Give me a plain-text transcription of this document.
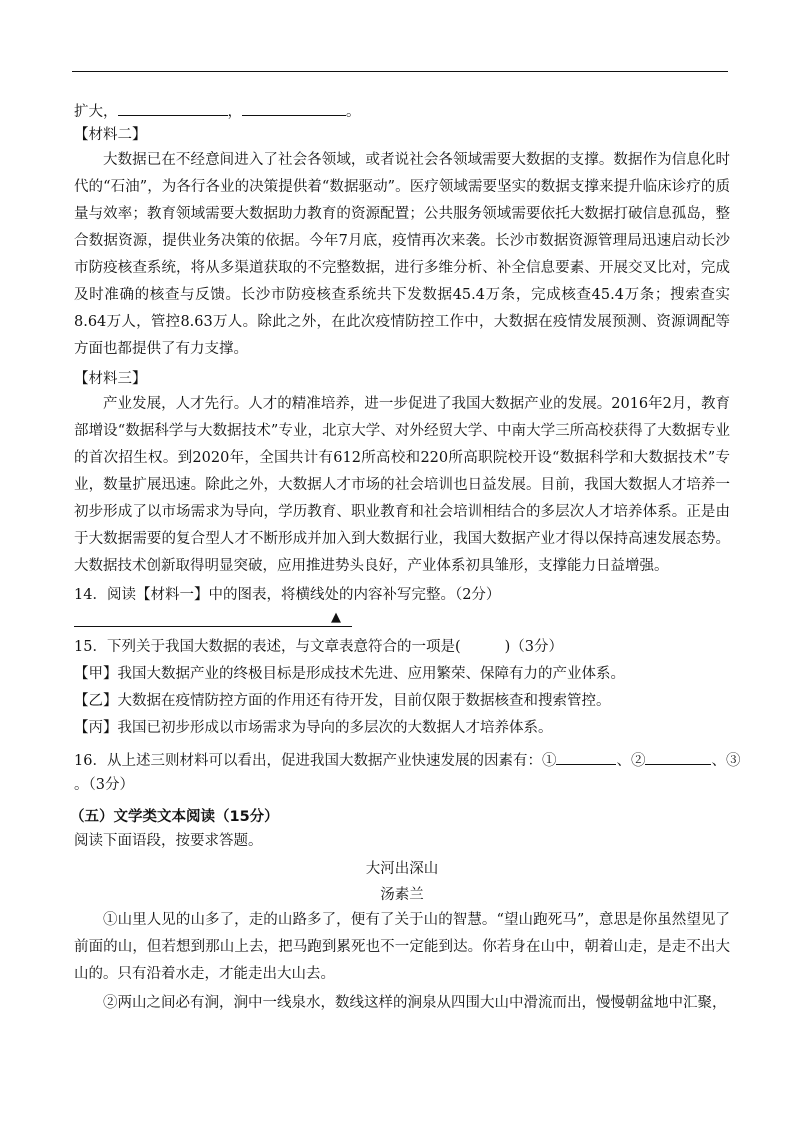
扩大，	，	。
【材料二】
大数据已在不经意间进入了社会各领域，或者说社会各领域需要大数据的支撑。数据作为信息化时代的“石油”，为各行各业的决策提供着“数据驱动”。医疗领域需要坚实的数据支撑来提升临床诊疗的质量与效率；教育领域需要大数据助力教育的资源配置；公共服务领域需要依托大数据打破信息孤岛，整合数据资源，提供业务决策的依据。今年7月底，疫情再次来袭。长沙市数据资源管理局迅速启动长沙市防疫核查系统，将从多渠道获取的不完整数据，进行多维分析、补全信息要素、开展交叉比对，完成及时准确的核查与反馈。长沙市防疫核查系统共下发数据45.4万条，完成核查45.4万条；搜索查实8.64万人，管控8.63万人。除此之外，在此次疫情防控工作中，大数据在疫情发展预测、资源调配等方面也都提供了有力支撑。
【材料三】
产业发展，人才先行。人才的精准培养，进一步促进了我国大数据产业的发展。2016年2月，教育部增设“数据科学与大数据技术”专业，北京大学、对外经贸大学、中南大学三所高校获得了大数据专业的首次招生权。到2020年，全国共计有612所高校和220所高职院校开设“数据科学和大数据技术”专业，数量扩展迅速。除此之外，大数据人才市场的社会培训也日益发展。目前，我国大数据人才培养一初步形成了以市场需求为导向，学历教育、职业教育和社会培训相结合的多层次人才培养体系。正是由于大数据需要的复合型人才不断形成并加入到大数据行业，我国大数据产业才得以保持高速发展态势。大数据技术创新取得明显突破，应用推进势头良好，产业体系初具雏形，支撑能力日益增强。
14．阅读【材料一】中的图表，将横线处的内容补写完整。（2分）
▲
15．下列关于我国大数据的表述，与文章表意符合的一项是(	)（3分）
【甲】我国大数据产业的终极目标是形成技术先进、应用繁荣、保障有力的产业体系。
【乙】大数据在疫情防控方面的作用还有待开发，目前仅限于数据核查和搜索管控。
【丙】我国已初步形成以市场需求为导向的多层次的大数据人才培养体系。
16．从上述三则材料可以看出，促进我国大数据产业快速发展的因素有：①	、②	、③
。（3分）
（五）文学类文本阅读（15分）
阅读下面语段，按要求答题。
大河出深山
汤素兰
①山里人见的山多了，走的山路多了，便有了关于山的智慧。“望山跑死马”，意思是你虽然望见了前面的山，但若想到那山上去，把马跑到累死也不一定能到达。你若身在山中，朝着山走，是走不出大山的。只有沿着水走，才能走出大山去。
②两山之间必有涧，涧中一线泉水，数线这样的涧泉从四围大山中滑流而出，慢慢朝盆地中汇聚，
